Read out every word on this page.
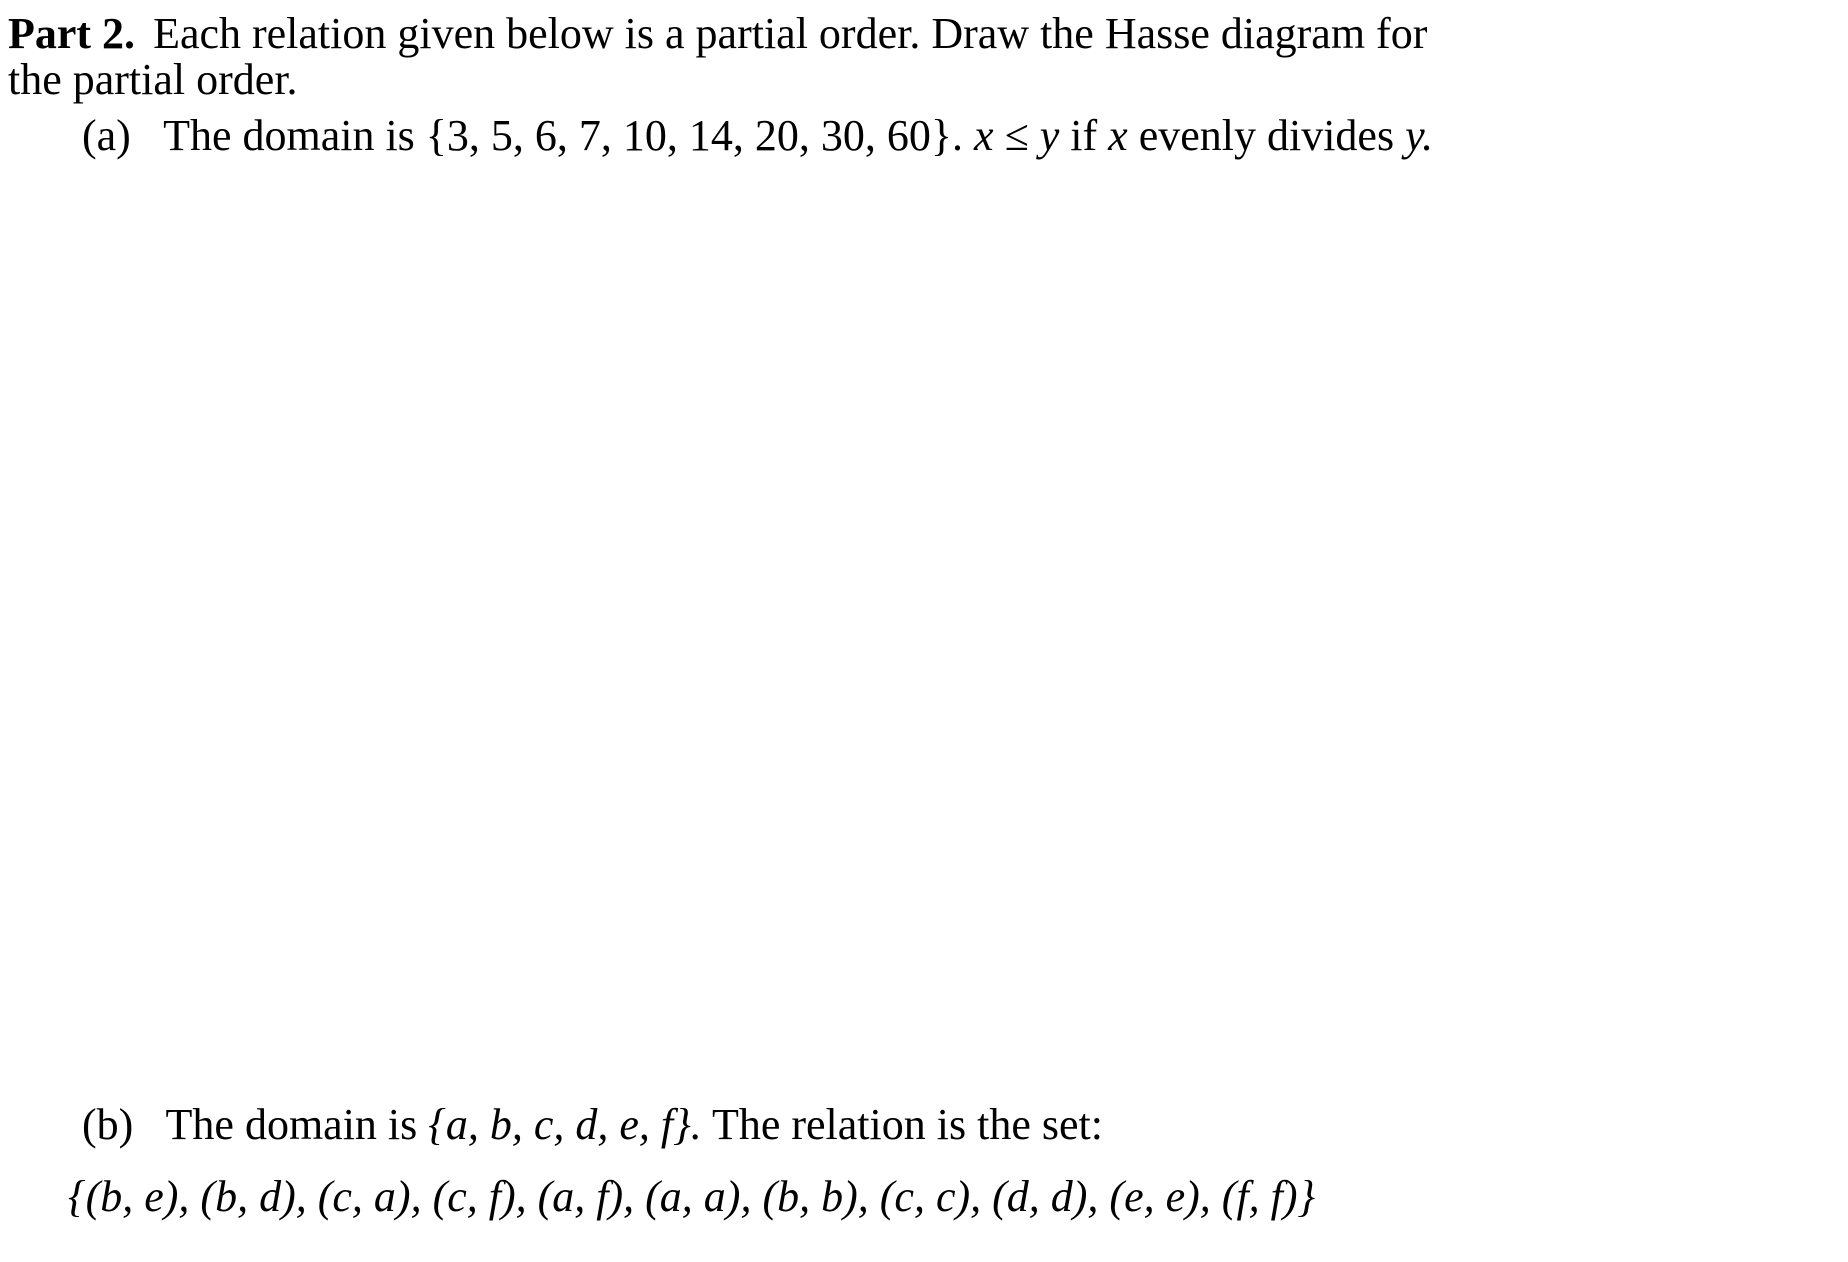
Part 2. Each relation given below is a partial order. Draw the Hasse diagram for
the partial order.
(a) The domain is {3, 5, 6, 7, 10, 14, 20, 30, 60}. x ≤ y if x evenly divides y.
(b) The domain is {a, b, c, d, e, f}. The relation is the set:
{(b, e), (b, d), (c, a), (c, f), (a, f), (a, a), (b, b), (c, c), (d, d), (e, e), (f, f)}
